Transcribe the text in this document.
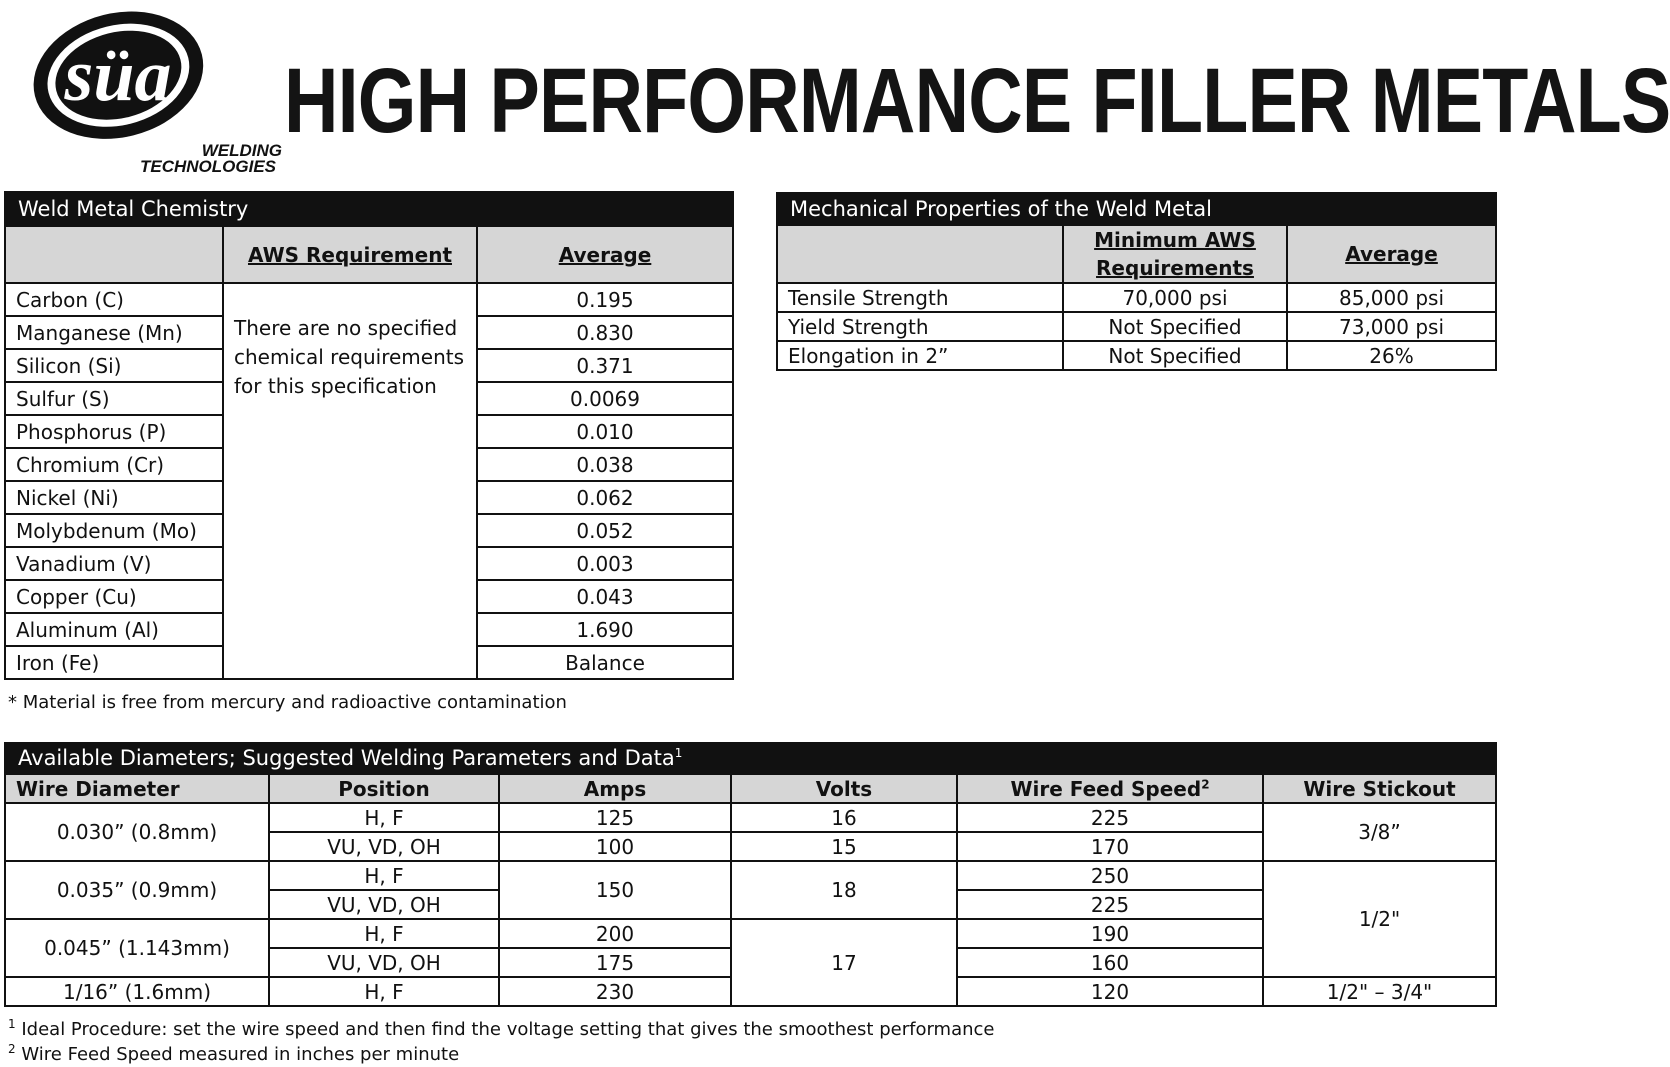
süa
WELDING
TECHNOLOGIES
HIGH PERFORMANCE FILLER METALS
Weld Metal Chemistry		
	AWS Requirement	Average
Carbon (C)	There are no specified chemical requirements for this specification	0.195
Manganese (Mn)		0.830
Silicon (Si)		0.371
Sulfur (S)		0.0069
Phosphorus (P)		0.010
Chromium (Cr)		0.038
Nickel (Ni)		0.062
Molybdenum (Mo)		0.052
Vanadium (V)		0.003
Copper (Cu)		0.043
Aluminum (Al)		1.690
Iron (Fe)		Balance
* Material is free from mercury and radioactive contamination
Mechanical Properties of the Weld Metal		
	Minimum AWS Requirements	Average
Tensile Strength	70,000 psi	85,000 psi
Yield Strength	Not Specified	73,000 psi
Elongation in 2”	Not Specified	26%
Available Diameters; Suggested Welding Parameters and Data$^1$
Wire Diameter	Position	Amps	Volts	Wire Feed Speed$^2$	Wire Stickout
0.030” (0.8mm)	H, F	125	16	225	3/8”
	VU, VD, OH	100	15	170	
0.035” (0.9mm)	H, F	150	18	250	1/2"
	VU, VD, OH			225	
0.045” (1.143mm)	H, F	200	17	190	
	VU, VD, OH	175		160	
1/16” (1.6mm)	H, F	230		120	1/2" – 3/4"
$^1$ Ideal Procedure: set the wire speed and then find the voltage setting that gives the smoothest performance
$^2$ Wire Feed Speed measured in inches per minute
